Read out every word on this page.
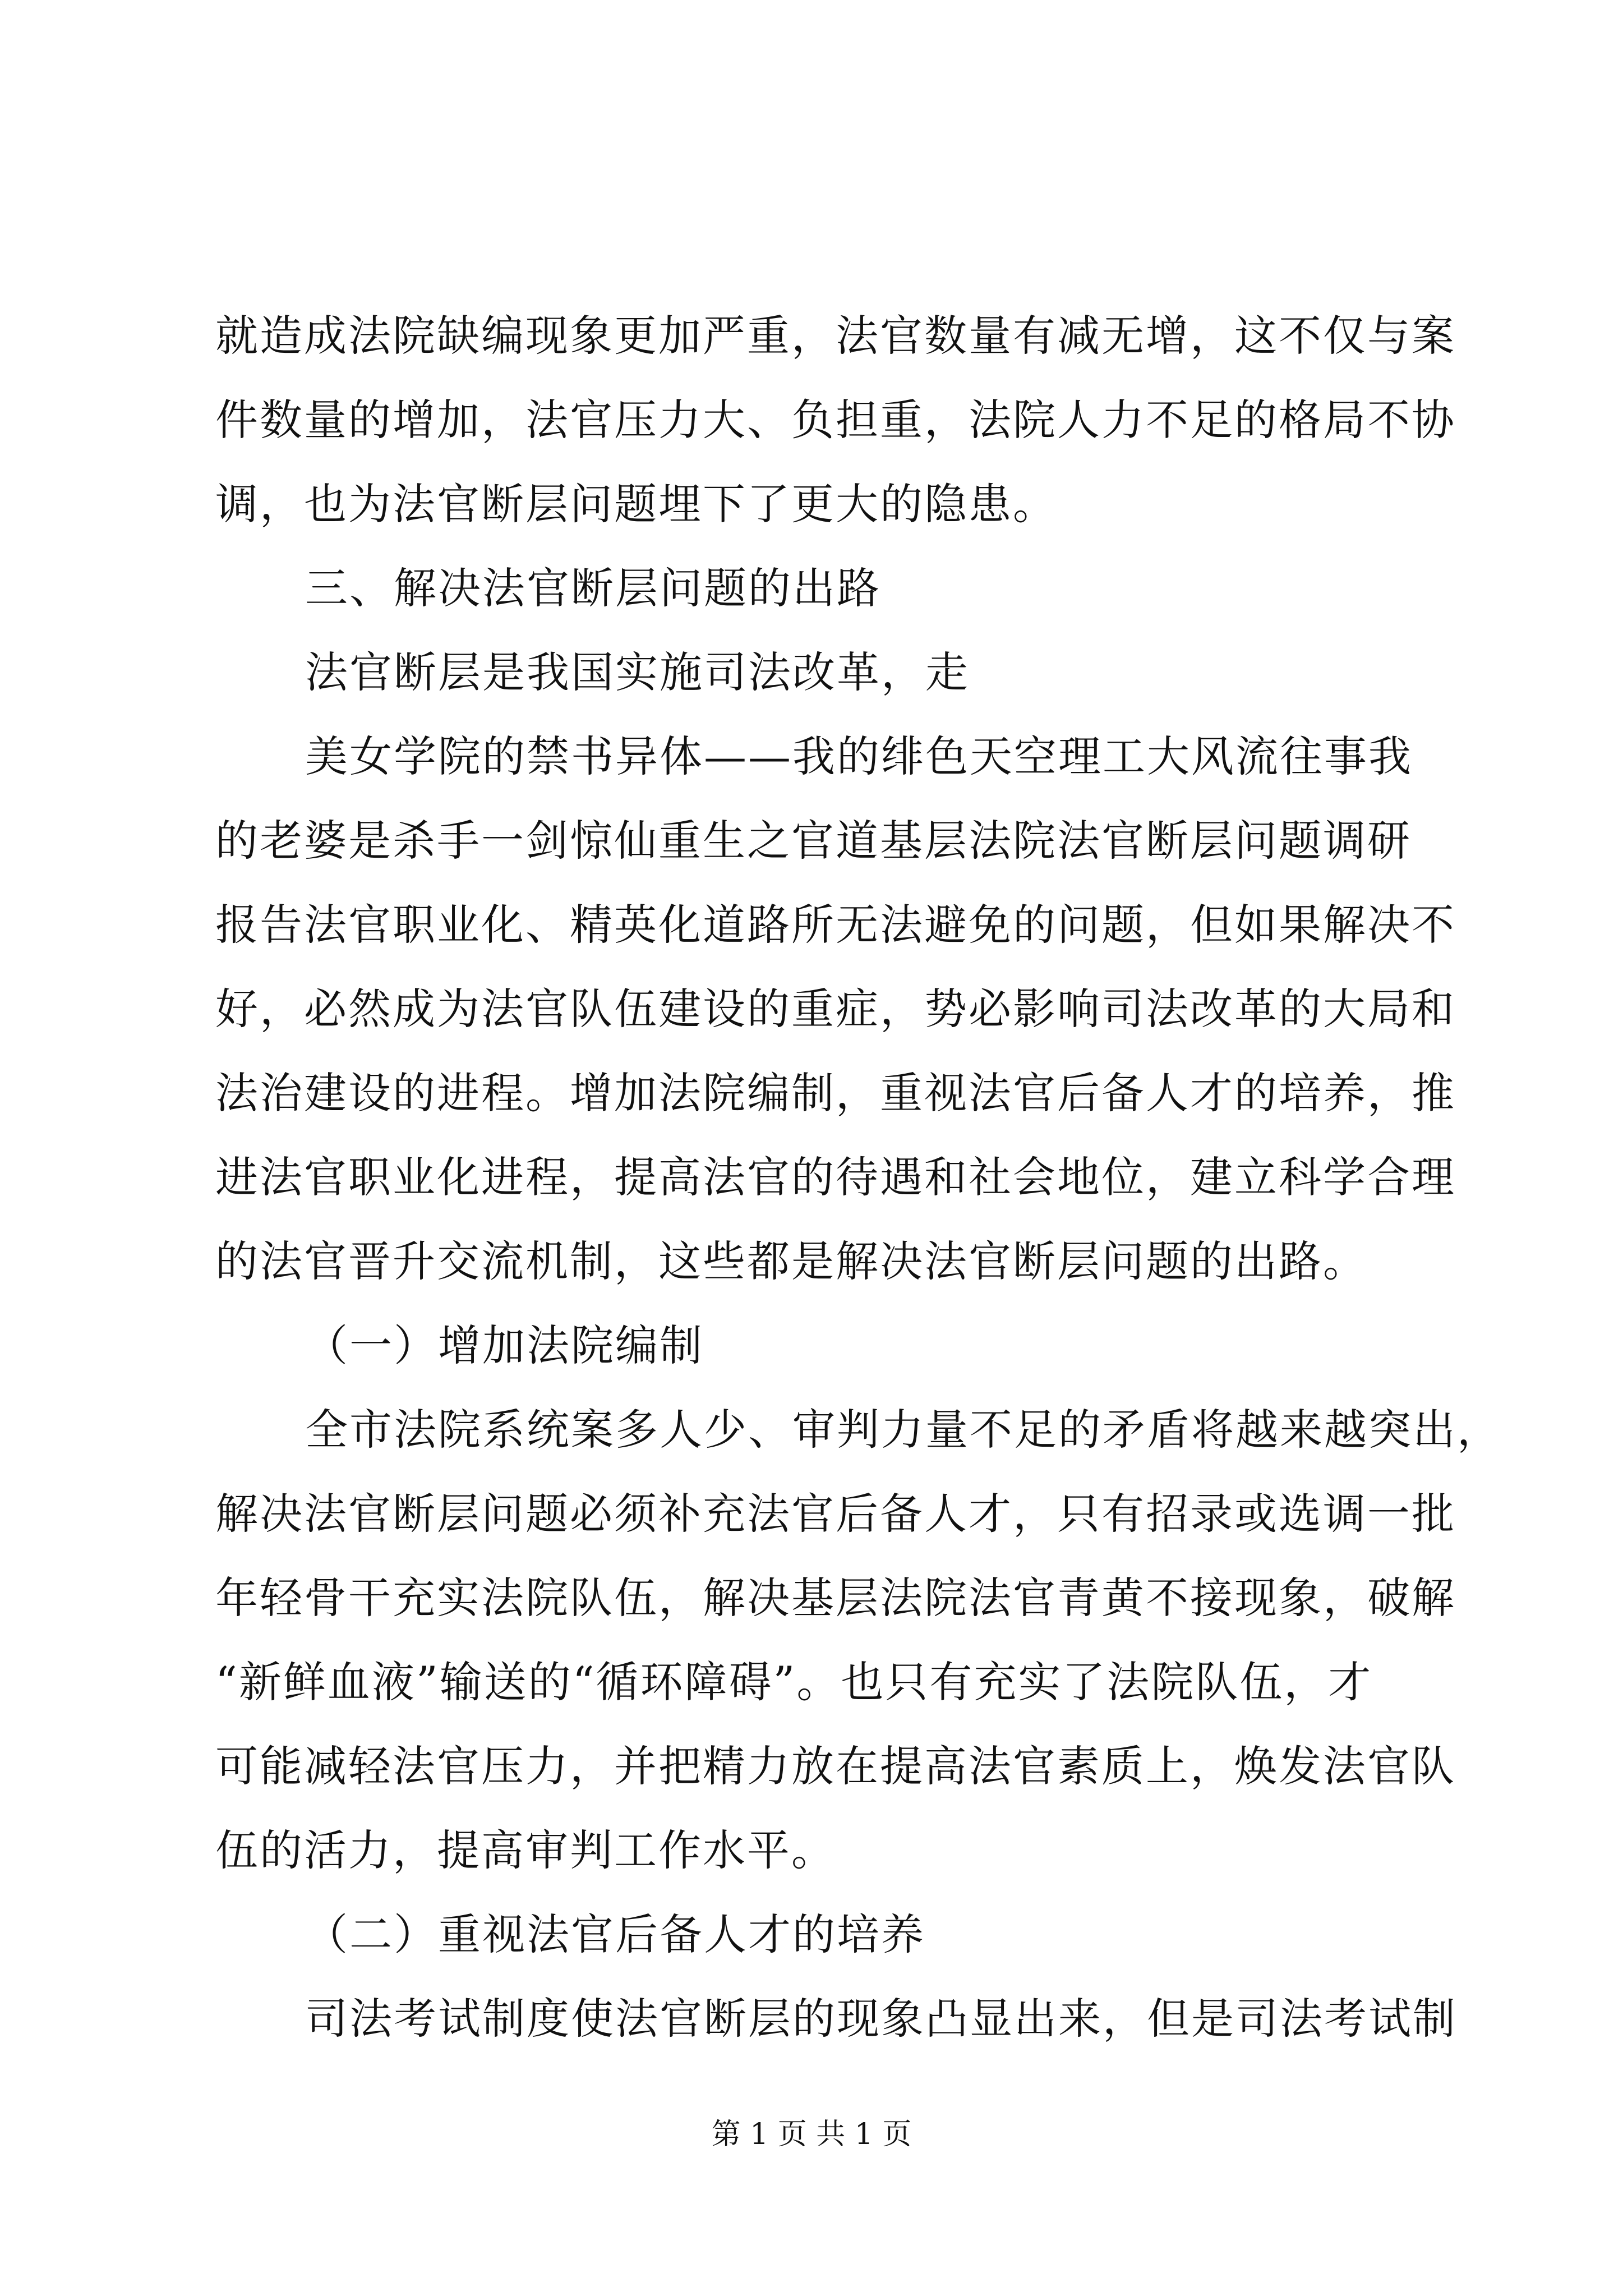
就造成法院缺编现象更加严重，法官数量有减无增，这不仅与案
件数量的增加，法官压力大、负担重，法院人力不足的格局不协
调，也为法官断层问题埋下了更大的隐患。
三、解决法官断层问题的出路
法官断层是我国实施司法改革，走
美女学院的禁书异体——我的绯色天空理工大风流往事我
的老婆是杀手一剑惊仙重生之官道基层法院法官断层问题调研
报告法官职业化、精英化道路所无法避免的问题，但如果解决不
好，必然成为法官队伍建设的重症，势必影响司法改革的大局和
法治建设的进程。增加法院编制，重视法官后备人才的培养，推
进法官职业化进程，提高法官的待遇和社会地位，建立科学合理
的法官晋升交流机制，这些都是解决法官断层问题的出路。
（一）增加法院编制
全市法院系统案多人少、审判力量不足的矛盾将越来越突出，
解决法官断层问题必须补充法官后备人才，只有招录或选调一批
年轻骨干充实法院队伍，解决基层法院法官青黄不接现象，破解
“新鲜血液”输送的“循环障碍”。也只有充实了法院队伍，才
可能减轻法官压力，并把精力放在提高法官素质上，焕发法官队
伍的活力，提高审判工作水平。
（二）重视法官后备人才的培养
司法考试制度使法官断层的现象凸显出来，但是司法考试制
第 1 页 共 1 页
